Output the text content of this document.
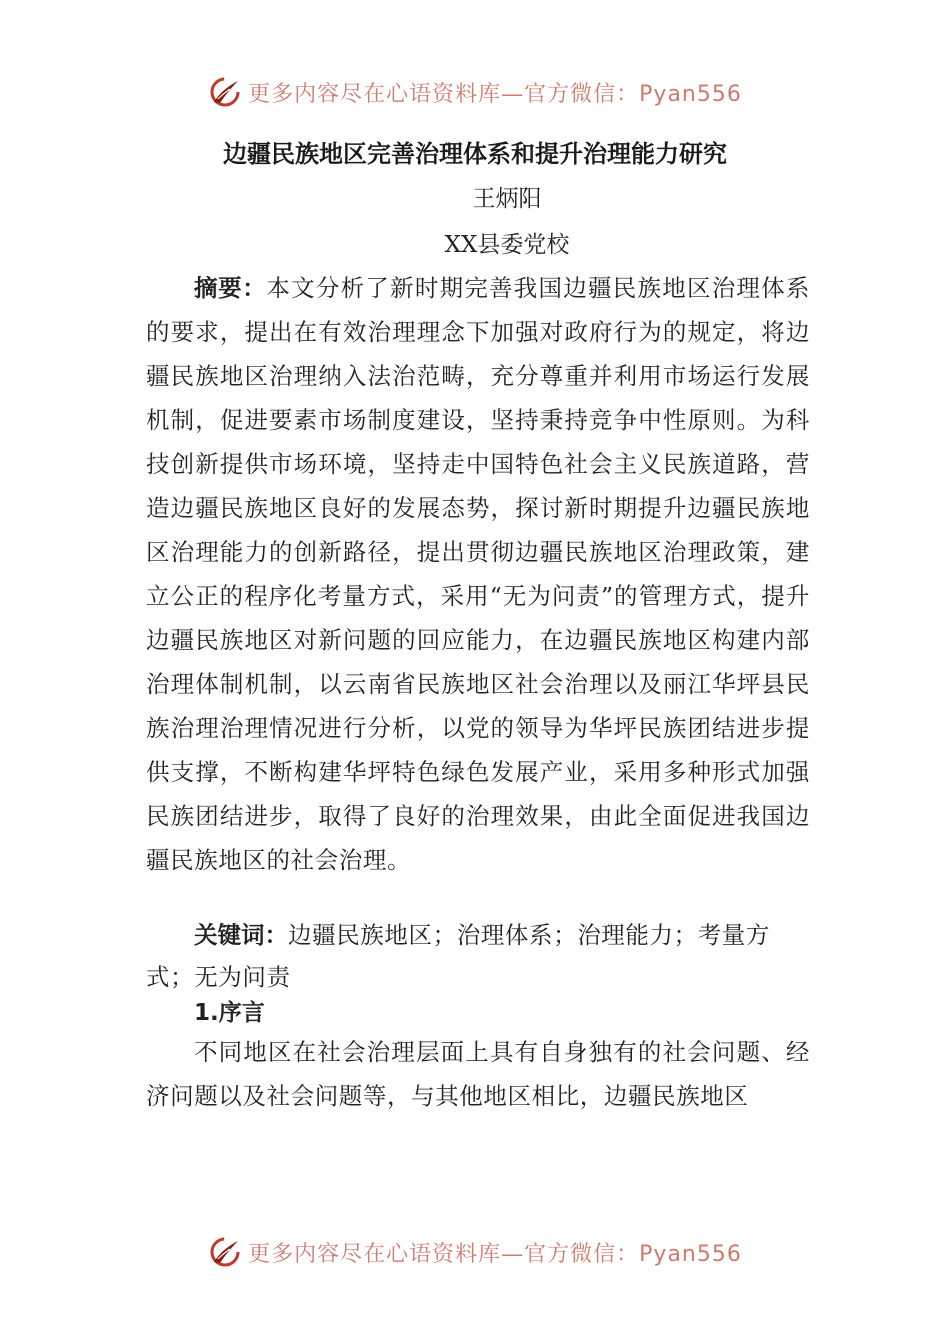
更多内容尽在心语资料库—官方微信：Pyan556
边疆民族地区完善治理体系和提升治理能力研究
王炳阳
XX县委党校
摘要：本文分析了新时期完善我国边疆民族地区治理体系的要求，提出在有效治理理念下加强对政府行为的规定，将边疆民族地区治理纳入法治范畴，充分尊重并利用市场运行发展机制，促进要素市场制度建设，坚持秉持竞争中性原则。为科技创新提供市场环境，坚持走中国特色社会主义民族道路，营造边疆民族地区良好的发展态势，探讨新时期提升边疆民族地区治理能力的创新路径，提出贯彻边疆民族地区治理政策，建立公正的程序化考量方式，采用“无为问责”的管理方式，提升边疆民族地区对新问题的回应能力，在边疆民族地区构建内部治理体制机制，以云南省民族地区社会治理以及丽江华坪县民族治理治理情况进行分析，以党的领导为华坪民族团结进步提供支撑，不断构建华坪特色绿色发展产业，采用多种形式加强民族团结进步，取得了良好的治理效果，由此全面促进我国边疆民族地区的社会治理。
关键词：边疆民族地区；治理体系；治理能力；考量方式；无为问责
1.序言
不同地区在社会治理层面上具有自身独有的社会问题、经济问题以及社会问题等，与其他地区相比，边疆民族地区
更多内容尽在心语资料库—官方微信：Pyan556
